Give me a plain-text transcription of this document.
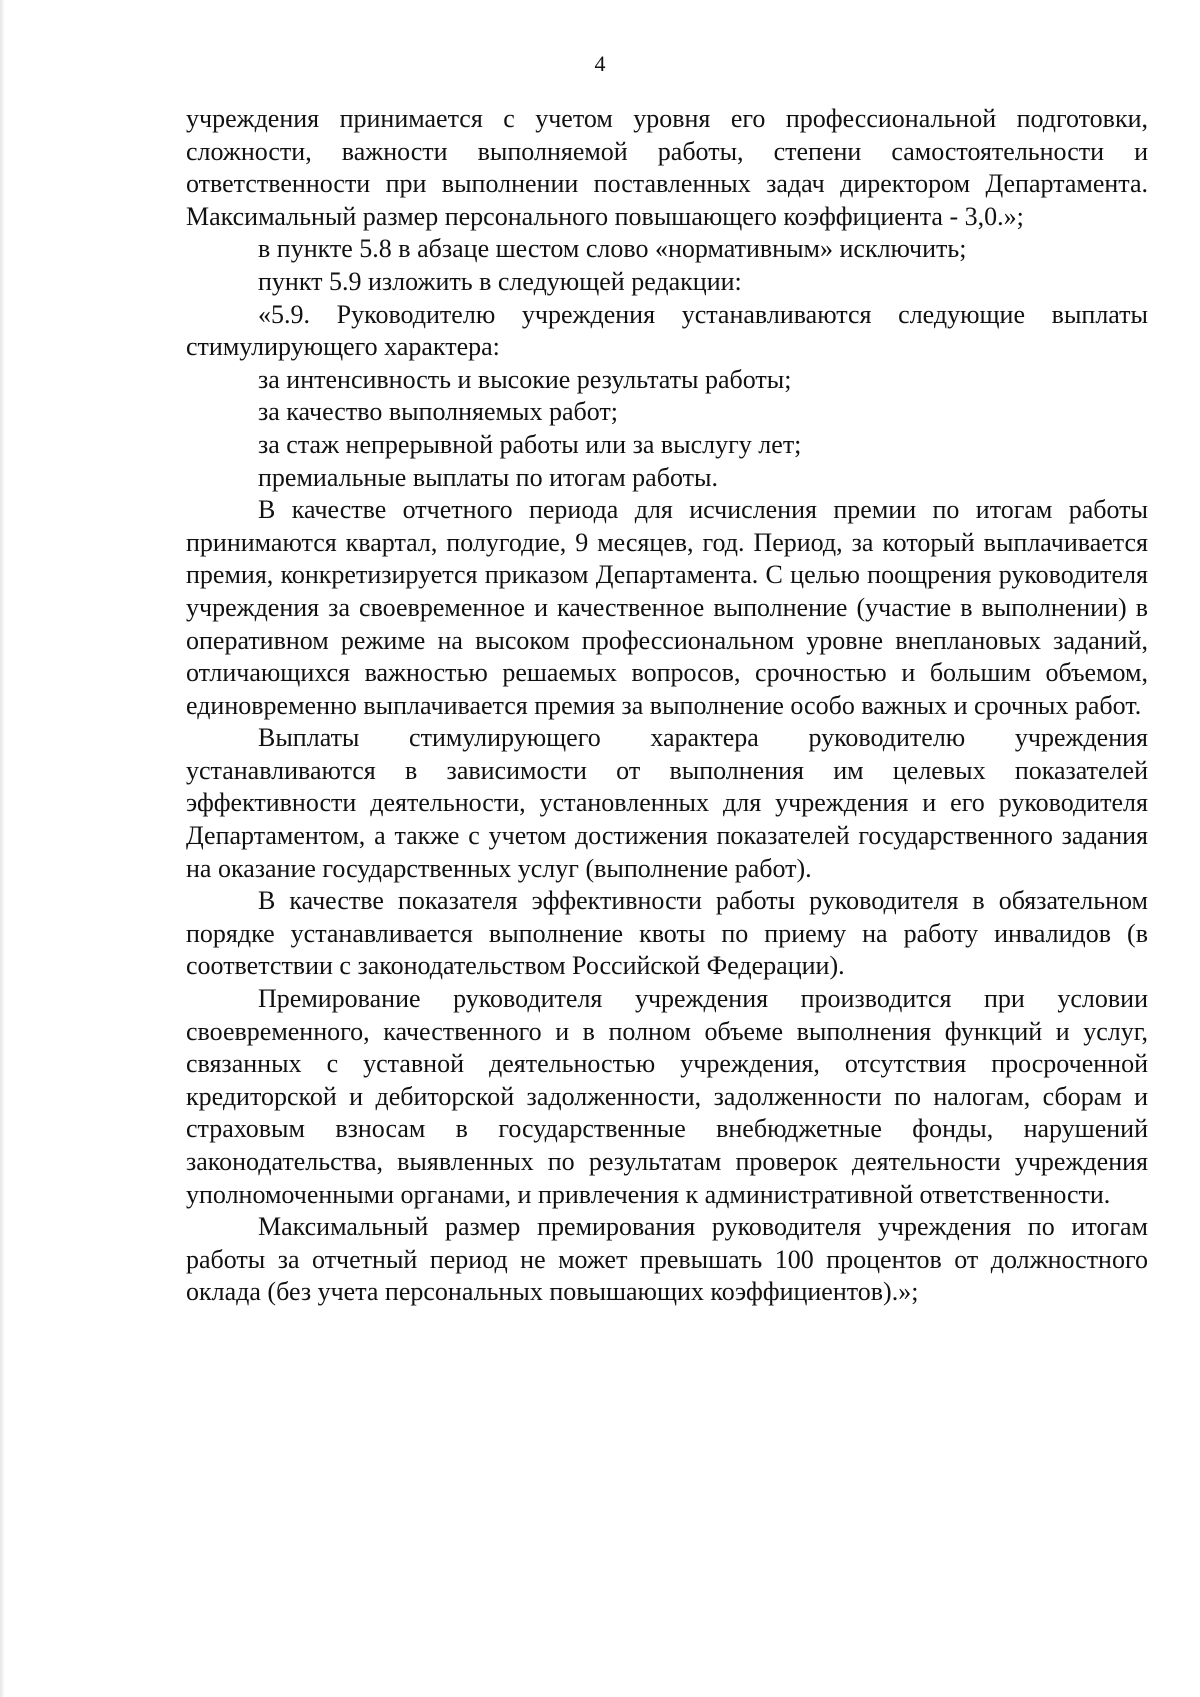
4

учреждения принимается с учетом уровня его профессиональной подготовки, сложности, важности выполняемой работы, степени самостоятельности и ответственности при выполнении поставленных задач директором Департамента. Максимальный размер персонального повышающего коэффициента - 3,0.»;

в пункте 5.8 в абзаце шестом слово «нормативным» исключить;

пункт 5.9 изложить в следующей редакции:

«5.9. Руководителю учреждения устанавливаются следующие выплаты стимулирующего характера:

за интенсивность и высокие результаты работы;

за качество выполняемых работ;

за стаж непрерывной работы или за выслугу лет;

премиальные выплаты по итогам работы.

В качестве отчетного периода для исчисления премии по итогам работы принимаются квартал, полугодие, 9 месяцев, год. Период, за который выплачивается премия, конкретизируется приказом Департамента. С целью поощрения руководителя учреждения за своевременное и качественное выполнение (участие в выполнении) в оперативном режиме на высоком профессиональном уровне внеплановых заданий, отличающихся важностью решаемых вопросов, срочностью и большим объемом, единовременно выплачивается премия за выполнение особо важных и срочных работ.

Выплаты стимулирующего характера руководителю учреждения устанавливаются в зависимости от выполнения им целевых показателей эффективности деятельности, установленных для учреждения и его руководителя Департаментом, а также с учетом достижения показателей государственного задания на оказание государственных услуг (выполнение работ).

В качестве показателя эффективности работы руководителя в обязательном порядке устанавливается выполнение квоты по приему на работу инвалидов (в соответствии с законодательством Российской Федерации).

Премирование руководителя учреждения производится при условии своевременного, качественного и в полном объеме выполнения функций и услуг, связанных с уставной деятельностью учреждения, отсутствия просроченной кредиторской и дебиторской задолженности, задолженности по налогам, сборам и страховым взносам в государственные внебюджетные фонды, нарушений законодательства, выявленных по результатам проверок деятельности учреждения уполномоченными органами, и привлечения к административной ответственности.

Максимальный размер премирования руководителя учреждения по итогам работы за отчетный период не может превышать 100 процентов от должностного оклада (без учета персональных повышающих коэффициентов).»;
